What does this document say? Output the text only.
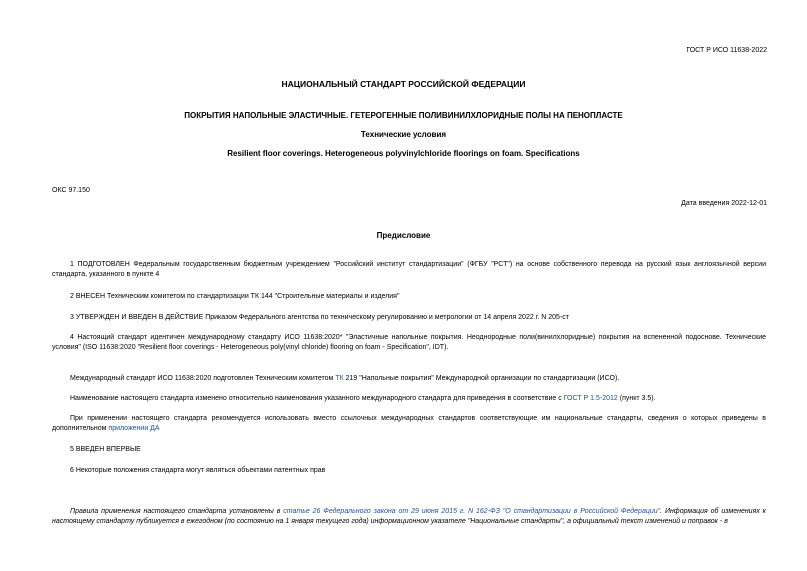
ГОСТ Р ИСО 11638-2022
НАЦИОНАЛЬНЫЙ СТАНДАРТ РОССИЙСКОЙ ФЕДЕРАЦИИ
ПОКРЫТИЯ НАПОЛЬНЫЕ ЭЛАСТИЧНЫЕ. ГЕТЕРОГЕННЫЕ ПОЛИВИНИЛХЛОРИДНЫЕ ПОЛЫ НА ПЕНОПЛАСТЕ
Технические условия
Resilient floor coverings. Heterogeneous polyvinylchloride floorings on foam. Specifications
ОКС 97.150
Дата введения 2022-12-01
Предисловие
1 ПОДГОТОВЛЕН Федеральным государственным бюджетным учреждением "Российский институт стандартизации" (ФГБУ "РСТ") на основе собственного перевода на русский язык англоязычной версии стандарта, указанного в пункте 4
2 ВНЕСЕН Техническим комитетом по стандартизации ТК 144 "Строительные материалы и изделия"
3 УТВЕРЖДЕН И ВВЕДЕН В ДЕЙСТВИЕ Приказом Федерального агентства по техническому регулированию и метрологии от 14 апреля 2022 г. N 205-ст
4 Настоящий стандарт идентичен международному стандарту ИСО 11638:2020* "Эластичные напольные покрытия. Неоднородные поли(винилхлоридные) покрытия на вспененной подоснове. Технические условия" (ISO 11638:2020 "Resilient floor coverings - Heterogeneous poly(vinyl chloride) flooring on foam - Specification", IDT).
Международный стандарт ИСО 11638:2020 подготовлен Техническим комитетом ТК 219 "Напольные покрытия" Международной организации по стандартизации (ИСО).
Наименование настоящего стандарта изменено относительно наименования указанного международного стандарта для приведения в соответствие с ГОСТ Р 1.5-2012 (пункт 3.5).
При применении настоящего стандарта рекомендуется использовать вместо ссылочных международных стандартов соответствующие им национальные стандарты, сведения о которых приведены в дополнительном приложении ДА
5 ВВЕДЕН ВПЕРВЫЕ
6 Некоторые положения стандарта могут являться объектами патентных прав
Правила применения настоящего стандарта установлены в статье 26 Федерального закона от 29 июня 2015 г. N 162-ФЗ "О стандартизации в Российской Федерации". Информация об изменениях к настоящему стандарту публикуется в ежегодном (по состоянию на 1 января текущего года) информационном указателе "Национальные стандарты", а официальный текст изменений и поправок - в
